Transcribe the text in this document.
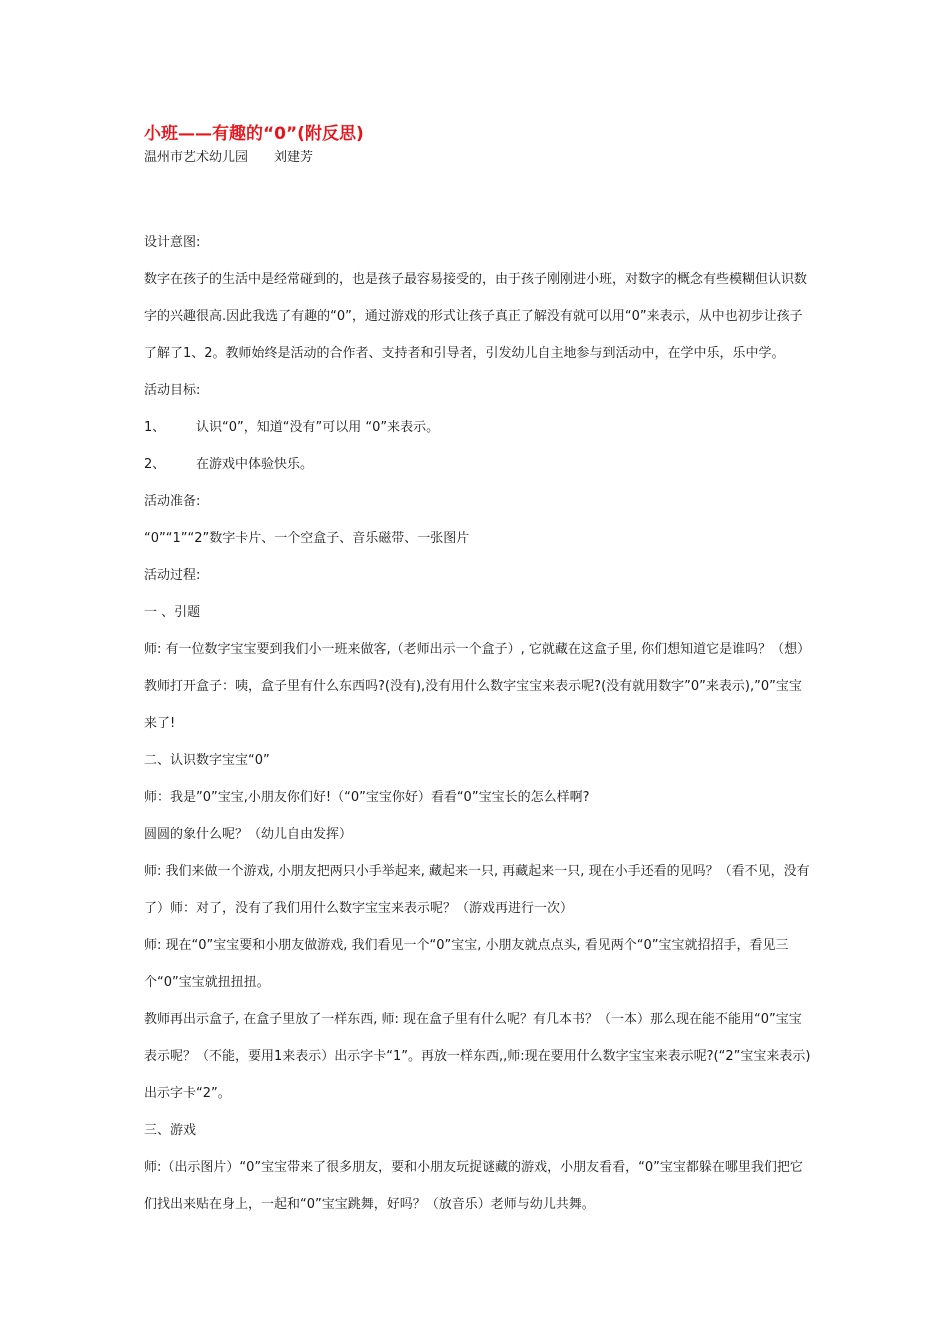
小班——有趣的“0”(附反思)

温州市艺术幼儿园　　刘建芳

设计意图:

数字在孩子的生活中是经常碰到的，也是孩子最容易接受的，由于孩子刚刚进小班，对数字的概念有些模糊但认识数字的兴趣很高.因此我选了有趣的“0”，通过游戏的形式让孩子真正了解没有就可以用“0”来表示，从中也初步让孩子了解了1、2。教师始终是活动的合作者、支持者和引导者，引发幼儿自主地参与到活动中，在学中乐，乐中学。

活动目标:

1、	认识“0”，知道“没有”可以用 “0”来表示。
2、	在游戏中体验快乐。

活动准备:

“0”“1”“2”数字卡片、一个空盒子、音乐磁带、一张图片

活动过程:

一 、引题

师: 有一位数字宝宝要到我们小一班来做客,（老师出示一个盒子）, 它就藏在这盒子里, 你们想知道它是谁吗？（想）

教师打开盒子：咦，盒子里有什么东西吗?(没有),没有用什么数字宝宝来表示呢?(没有就用数字”0”来表示),”0”宝宝来了!

二、认识数字宝宝“0”

师：我是”0”宝宝,小朋友你们好!（“0”宝宝你好）看看“0”宝宝长的怎么样啊?

圆圆的象什么呢？（幼儿自由发挥）

师: 我们来做一个游戏, 小朋友把两只小手举起来, 藏起来一只, 再藏起来一只, 现在小手还看的见吗？（看不见，没有了）师：对了，没有了我们用什么数字宝宝来表示呢？（游戏再进行一次）

师: 现在“0”宝宝要和小朋友做游戏, 我们看见一个“0”宝宝, 小朋友就点点头, 看见两个“0”宝宝就招招手，看见三个“0”宝宝就扭扭扭。

教师再出示盒子, 在盒子里放了一样东西, 师: 现在盒子里有什么呢？有几本书？（一本）那么现在能不能用“0”宝宝表示呢？（不能，要用1来表示）出示字卡“1”。再放一样东西,,师:现在要用什么数字宝宝来表示呢?(“2”宝宝来表示)出示字卡“2”。

三、游戏

师:（出示图片）“0”宝宝带来了很多朋友，要和小朋友玩捉谜藏的游戏，小朋友看看，“0”宝宝都躲在哪里我们把它们找出来贴在身上，一起和“0”宝宝跳舞，好吗？（放音乐）老师与幼儿共舞。
